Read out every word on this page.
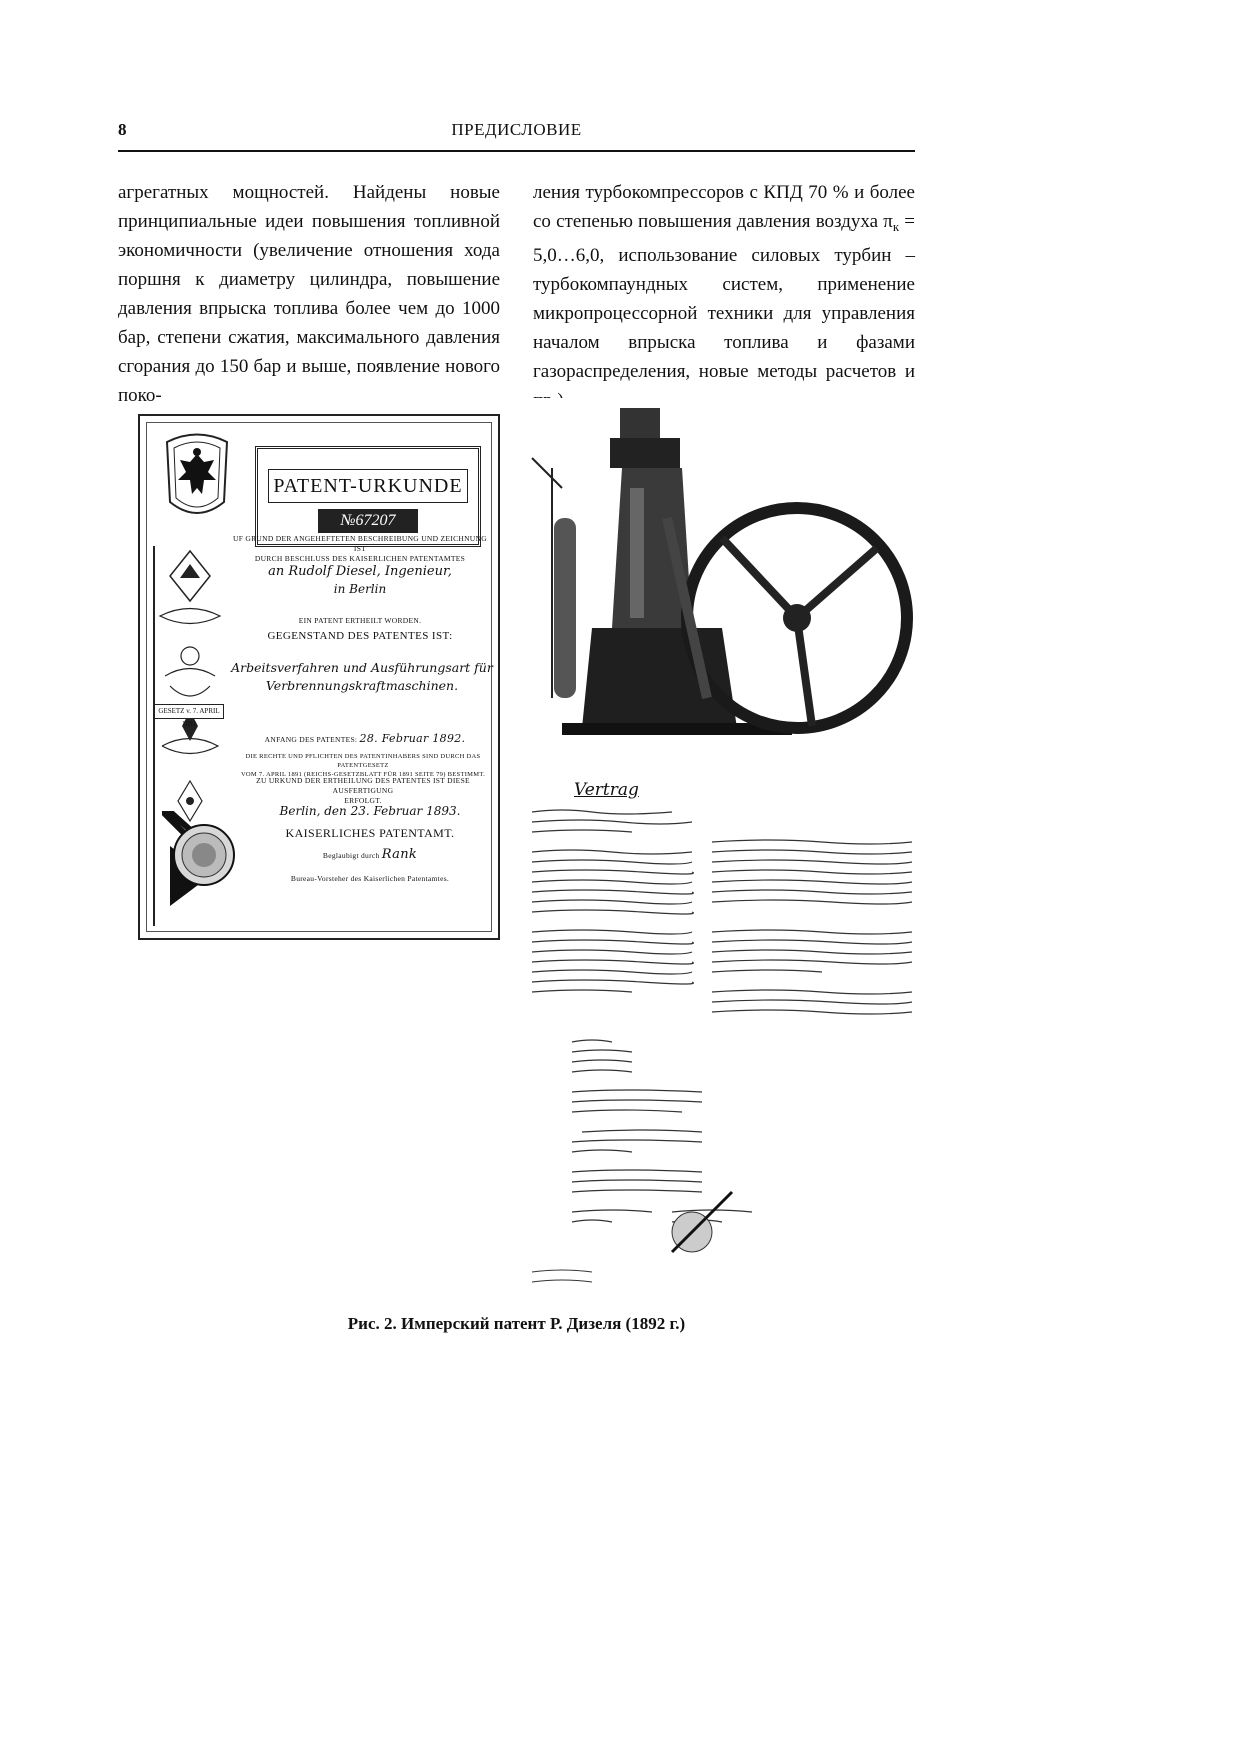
8	ПРЕДИСЛОВИЕ

агрегатных мощностей. Найдены новые принципиальные идеи повышения топливной экономичности (увеличение отношения хода поршня к диаметру цилиндра, повышение давления впрыска топлива более чем до 1000 бар, степени сжатия, максимального давления сгорания до 150 бар и выше, появление нового поко-

ления турбокомпрессоров с КПД 70 % и более со степенью повышения давления воздуха $\pi_к$ = 5,0…6,0, использование силовых турбин – турбокомпаундных систем, применение микропроцессорной техники для управления началом впрыска топлива и фазами газораспределения, новые методы расчетов и

PATENT-URKUNDE
№67207
UF GRUND DER ANGEHEFTETEN BESCHREIBUNG UND ZEICHNUNG IST
DURCH BESCHLUSS DES KAISERLICHEN PATENTAMTES
an Rudolf Diesel, Ingenieur,
in Berlin
EIN PATENT ERTHEILT WORDEN.
GEGENSTAND DES PATENTES IST:
GESETZ v. 7. APRIL 1891
Arbeitsverfahren und Ausführungsart für
Verbrennungskraftmaschinen.
ANFANG DES PATENTES: 28. Februar 1892.
DIE RECHTE UND PFLICHTEN DES PATENTINHABERS SIND DURCH DAS PATENTGESETZ
VOM 7. APRIL 1891 (REICHS-GESETZBLATT FÜR 1891 SEITE 79) BESTIMMT.
ZU URKUND DER ERTHEILUNG DES PATENTES IST DIESE AUSFERTIGUNG
ERFOLGT.
Berlin, den 23. Februar 1893.
KAISERLICHES PATENTAMT.
Beglaubigt durch Rank
Bureau-Vorsteher des Kaiserlichen Patentamtes.
Vertrag
Рис. 2. Имперский патент Р. Дизеля (1892 г.)
